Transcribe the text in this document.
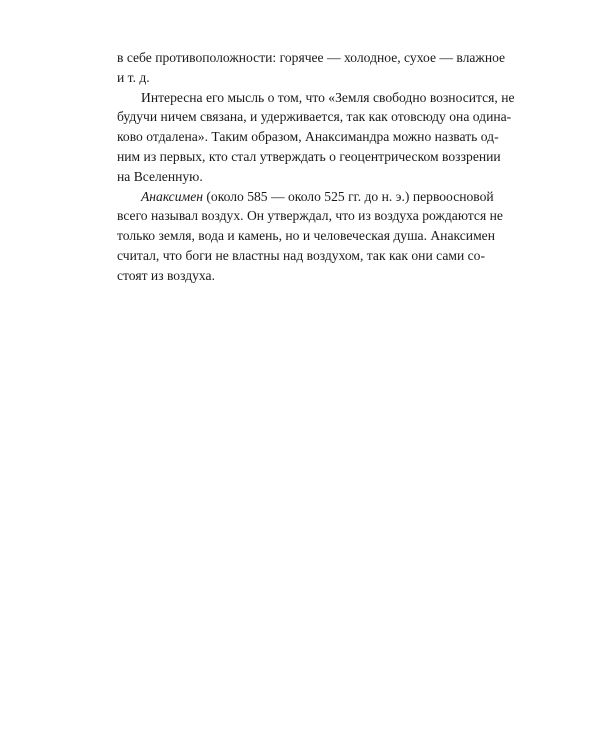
в себе противоположности: горячее — холодное, сухое — влажное
и т. д.
Интересна его мысль о том, что «Земля свободно возносится, не
будучи ничем связана, и удерживается, так как отовсюду она одина-
ково отдалена». Таким образом, Анаксимандра можно назвать од-
ним из первых, кто стал утверждать о геоцентрическом воззрении
на Вселенную.
Анаксимен (около 585 — около 525 гг. до н. э.) первоосновой
всего называл воздух. Он утверждал, что из воздуха рождаются не
только земля, вода и камень, но и человеческая душа. Анаксимен
считал, что боги не властны над воздухом, так как они сами со-
стоят из воздуха.
